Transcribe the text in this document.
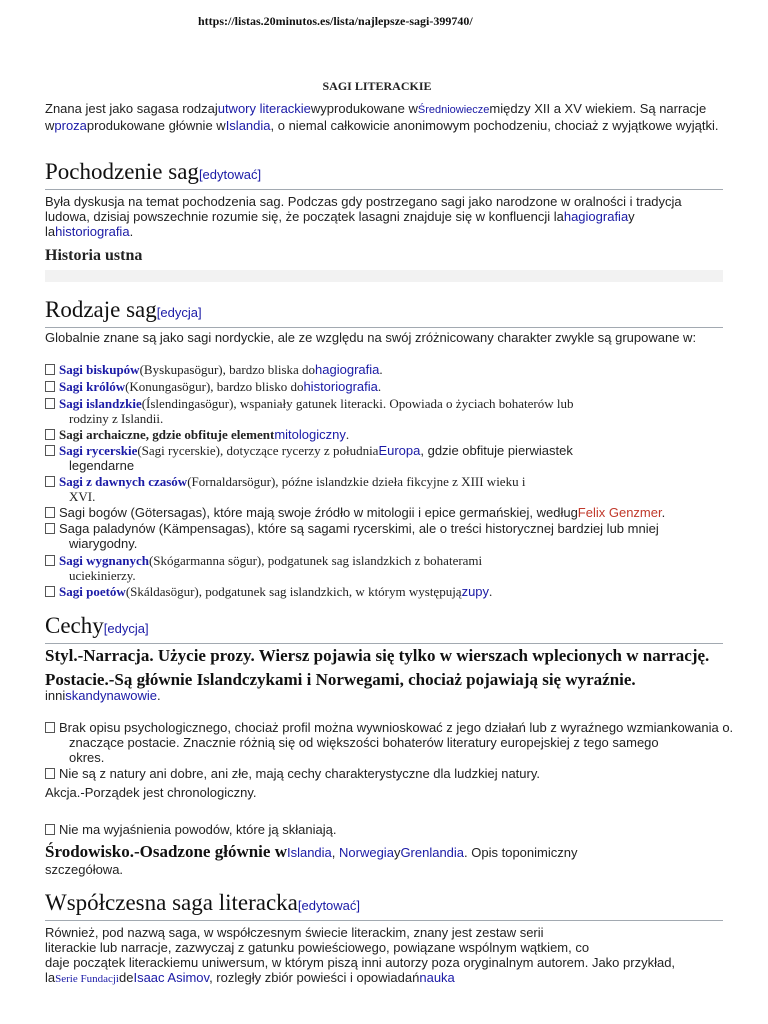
https://listas.20minutos.es/lista/najlepsze-sagi-399740/
SAGI LITERACKIE
Znana jest jako sagasa rodzajutwory literackiewyprodukowane wŚredniowieczemiędzy XII a XV wiekiem. Są narracje wprozaprodukowane głównie wIslandia, o niemal całkowicie anonimowym pochodzeniu, chociaż z wyjątkowe wyjątki.
Pochodzenie sag[edytować]
Była dyskusja na temat pochodzenia sag. Podczas gdy postrzegano sagi jako narodzone w oralności i tradycja ludowa, dzisiaj powszechnie rozumie się, że początek lasagni znajduje się w konfluencji lahagiografiay lahistoriografia.
Historia ustna
Rodzaje sag[edycja]
Globalnie znane są jako sagi nordyckie, ale ze względu na swój zróżnicowany charakter zwykle są grupowane w:
Sagi biskupów(Byskupasögur), bardzo bliska dohagiografia.
Sagi królów(Konungasögur), bardzo blisko dohistoriografia.
Sagi islandzkie(Íslendingasögur), wspaniały gatunek literacki. Opowiada o życiach bohaterów lub
rodziny z Islandii.
Sagi archaiczne, gdzie obfituje elementmitologiczny.
Sagi rycerskie(Sagi rycerskie), dotyczące rycerzy z południaEuropa, gdzie obfituje pierwiastek
legendarne
Sagi z dawnych czasów(Fornaldarsögur), późne islandzkie dzieła fikcyjne z XIII wieku i
XVI.
Sagi bogów (Götersagas), które mają swoje źródło w mitologii i epice germańskiej, wedługFelix Genzmer.
Saga paladynów (Kämpensagas), które są sagami rycerskimi, ale o treści historycznej bardziej lub mniej
wiarygodny.
Sagi wygnanych(Skógarmanna sögur), podgatunek sag islandzkich z bohaterami
uciekinierzy.
Sagi poetów(Skáldasögur), podgatunek sag islandzkich, w którym występujązupy.
Cechy[edycja]
Styl.-Narracja. Użycie prozy. Wiersz pojawia się tylko w wierszach wplecionych w narrację.
Postacie.-Są głównie Islandczykami i Norwegami, chociaż pojawiają się wyraźnie.
inniskandynawowie.
Brak opisu psychologicznego, chociaż profil można wywnioskować z jego działań lub z wyraźnego wzmiankowania o.
znaczące postacie. Znacznie różnią się od większości bohaterów literatury europejskiej z tego samego
okres.
Nie są z natury ani dobre, ani złe, mają cechy charakterystyczne dla ludzkiej natury.
Akcja.-Porządek jest chronologiczny.
Nie ma wyjaśnienia powodów, które ją skłaniają.
Środowisko.-Osadzone głównie wIslandia, NorwegiayGrenlandia. Opis toponimiczny
szczegółowa.
Współczesna saga literacka[edytować]
Również, pod nazwą saga, w współczesnym świecie literackim, znany jest zestaw serii
literackie lub narracje, zazwyczaj z gatunku powieściowego, powiązane wspólnym wątkiem, co
daje początek literackiemu uniwersum, w którym piszą inni autorzy poza oryginalnym autorem. Jako przykład,
laSerie FundacjideIsaac Asimov, rozległy zbiór powieści i opowiadańnauka
